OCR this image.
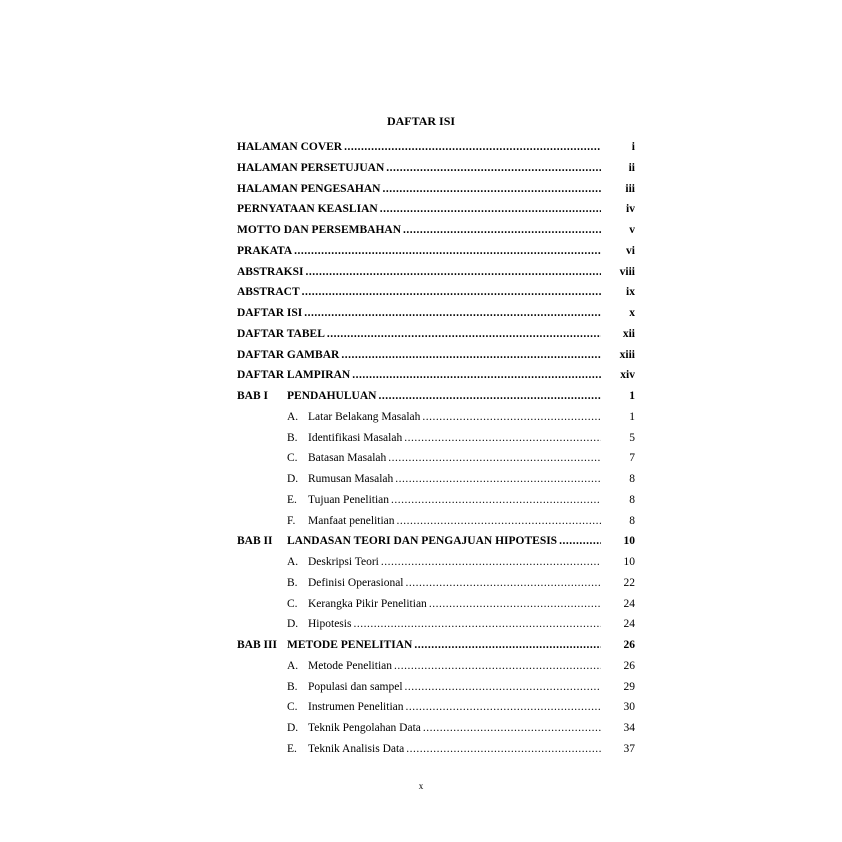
DAFTAR ISI
HALAMAN COVER .....	i
HALAMAN PERSETUJUAN .....	ii
HALAMAN PENGESAHAN .....	iii
PERNYATAAN KEASLIAN .....	iv
MOTTO DAN PERSEMBAHAN .....	v
PRAKATA .....	vi
ABSTRAKSI .....	viii
ABSTRACT .....	ix
DAFTAR ISI .....	x
DAFTAR TABEL .....	xii
DAFTAR GAMBAR .....	xiii
DAFTAR LAMPIRAN .....	xiv
BAB I PENDAHULUAN .....	1
A. Latar Belakang Masalah .....	1
B. Identifikasi Masalah .....	5
C. Batasan Masalah .....	7
D. Rumusan Masalah .....	8
E. Tujuan Penelitian .....	8
F.	Manfaat penelitian .....	8
BAB II LANDASAN TEORI DAN PENGAJUAN HIPOTESIS .....	10
A. Deskripsi Teori .....	10
B. Definisi Operasional .....	22
C. Kerangka Pikir Penelitian .....	24
D. Hipotesis .....	24
BAB III METODE PENELITIAN .....	26
A. Metode Penelitian .....	26
B. Populasi dan sampel .....	29
C. Instrumen Penelitian .....	30
D. Teknik Pengolahan Data .....	34
E. Teknik Analisis Data .....	37
x
